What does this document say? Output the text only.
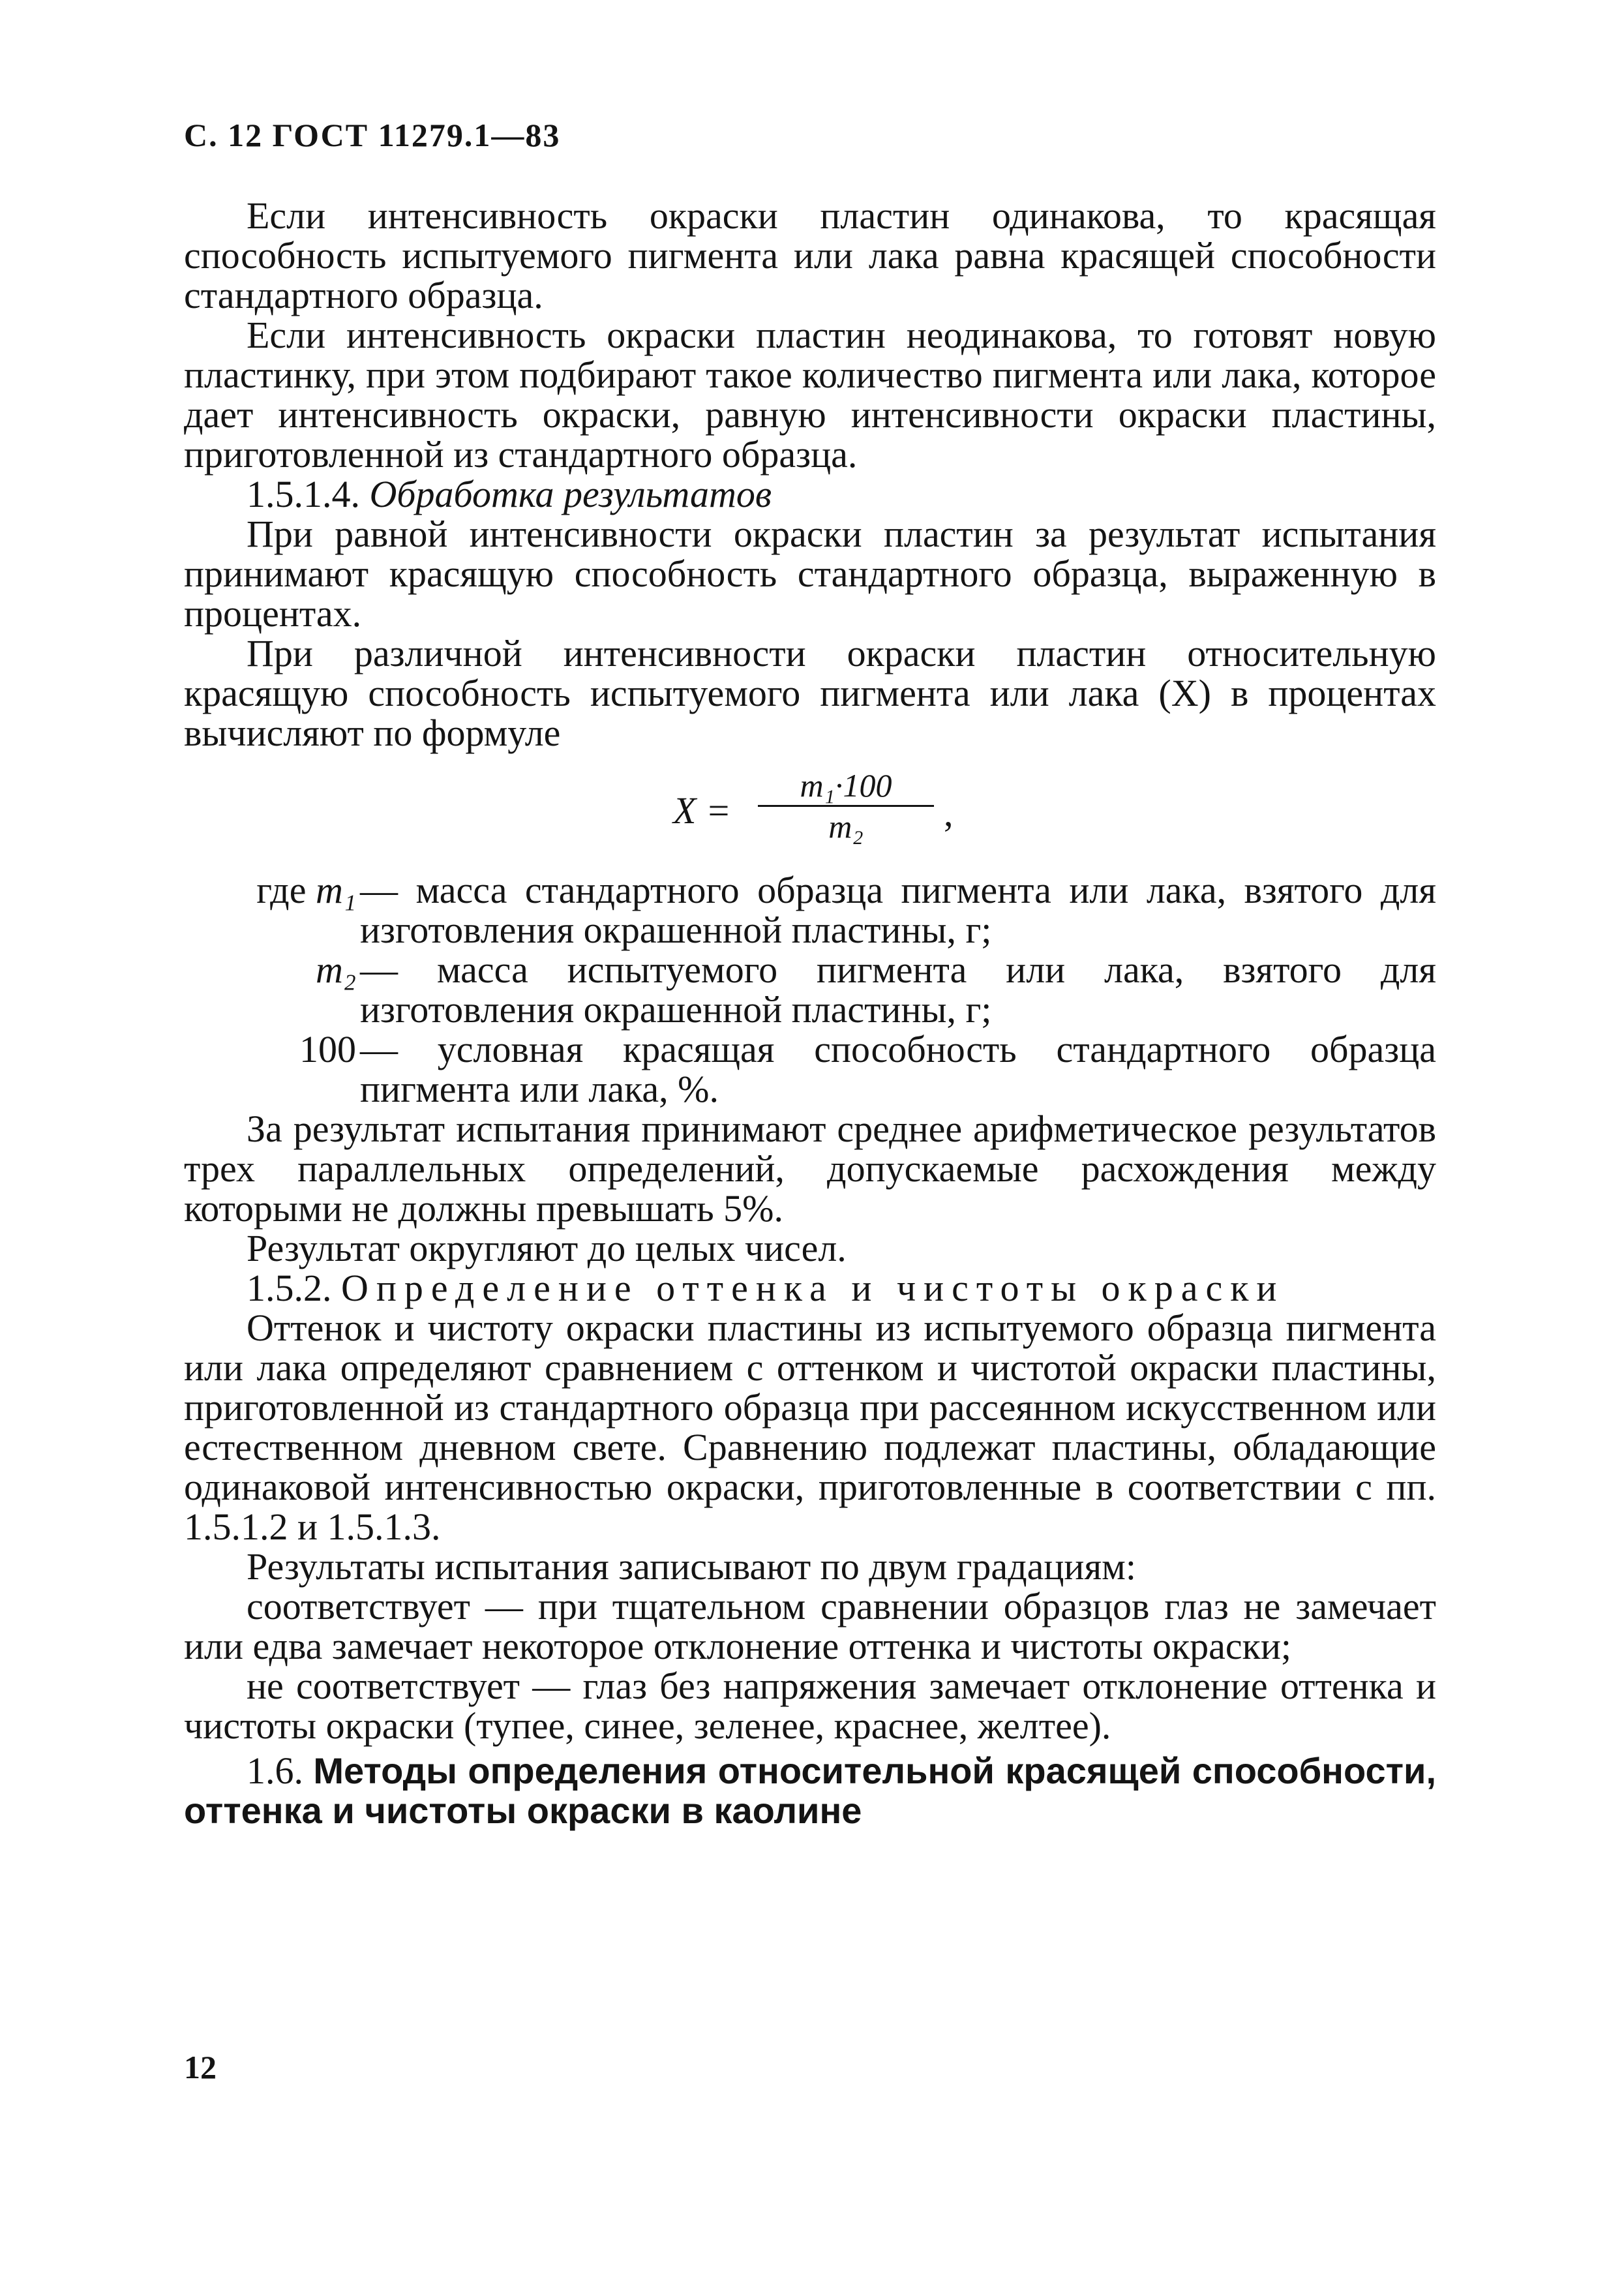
С. 12 ГОСТ 11279.1—83

Если интенсивность окраски пластин одинакова, то красящая способность испытуемого пигмента или лака равна красящей способности стандартного образца.

Если интенсивность окраски пластин неодинакова, то готовят новую пластинку, при этом подбирают такое количество пигмента или лака, которое дает интенсивность окраски, равную интенсивности окраски пластины, приготовленной из стандартного образца.

1.5.1.4. Обработка результатов

При равной интенсивности окраски пластин за результат испытания принимают красящую способность стандартного образца, выраженную в процентах.

При различной интенсивности окраски пластин относительную красящую способность испытуемого пигмента или лака (X) в процентах вычисляют по формуле

X =
m₁·100
m₂	,
где m₁ — масса стандартного образца пигмента или лака, взятого для изготовления окрашенной пластины, г;
m₂ — масса испытуемого пигмента или лака, взятого для изготовления окрашенной пластины, г;
100 — условная красящая способность стандартного образца пигмента или лака, %.

За результат испытания принимают среднее арифметическое результатов трех параллельных определений, допускаемые расхождения между которыми не должны превышать 5%.

Результат округляют до целых чисел.

1.5.2. Определение оттенка и чистоты окраски

Оттенок и чистоту окраски пластины из испытуемого образца пигмента или лака определяют сравнением с оттенком и чистотой окраски пластины, приготовленной из стандартного образца при рассеянном искусственном или естественном дневном свете. Сравнению подлежат пластины, обладающие одинаковой интенсивностью окраски, приготовленные в соответствии с пп. 1.5.1.2 и 1.5.1.3.

Результаты испытания записывают по двум градациям:

соответствует — при тщательном сравнении образцов глаз не замечает или едва замечает некоторое отклонение оттенка и чистоты окраски;

не соответствует — глаз без напряжения замечает отклонение оттенка и чистоты окраски (тупее, синее, зеленее, краснее, желтее).

1.6. Методы определения относительной красящей способности, оттенка и чистоты окраски в каолине

12
